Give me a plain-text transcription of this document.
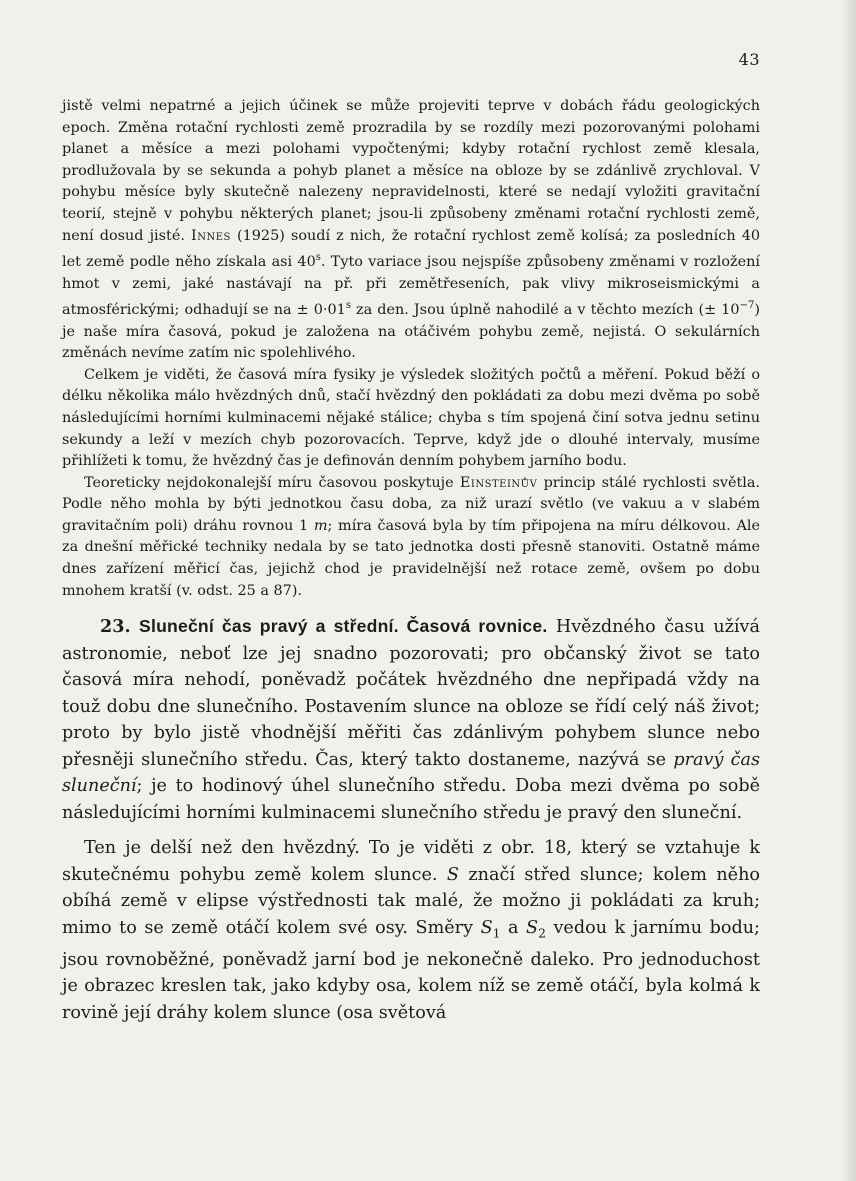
43

jistě velmi nepatrné a jejich účinek se může projeviti teprve v dobách řádu geologických epoch. Změna rotační rychlosti země prozradila by se rozdíly mezi pozorovanými polohami planet a měsíce a mezi polohami vypočtenými; kdyby rotační rychlost země klesala, prodlužovala by se sekunda a pohyb planet a měsíce na obloze by se zdánlivě zrychloval. V pohybu měsíce byly skutečně nalezeny nepravidelnosti, které se nedají vyložiti gravitační teorií, stejně v pohybu některých planet; jsou-li způsobeny změnami rotační rychlosti země, není dosud jisté. Innes (1925) soudí z nich, že rotační rychlost země kolísá; za posledních 40 let země podle něho získala asi 40$^s$. Tyto variace jsou nejspíše způsobeny změnami v rozložení hmot v zemi, jaké nastávají na př. při zemětřeseních, pak vlivy mikroseismickými a atmosférickými; odhadují se na ± $0\cdot 01^s$ za den. Jsou úplně nahodilé a v těchto mezích (± $10^{-7}$) je naše míra časová, pokud je založena na otáčivém pohybu země, nejistá. O sekulárních změnách nevíme zatím nic spolehlivého.

Celkem je viděti, že časová míra fysiky je výsledek složitých počtů a měření. Pokud běží o délku několika málo hvězdných dnů, stačí hvězdný den pokládati za dobu mezi dvěma po sobě následujícími horními kulminacemi nějaké stálice; chyba s tím spojená činí sotva jednu setinu sekundy a leží v mezích chyb pozorovacích. Teprve, když jde o dlouhé intervaly, musíme přihlížeti k tomu, že hvězdný čas je definován denním pohybem jarního bodu.

Teoreticky nejdokonalejší míru časovou poskytuje Einsteinův princip stálé rychlosti světla. Podle něho mohla by býti jednotkou času doba, za niž urazí světlo (ve vakuu a v slabém gravitačním poli) dráhu rovnou 1 m; míra časová byla by tím připojena na míru délkovou. Ale za dnešní měřické techniky nedala by se tato jednotka dosti přesně stanoviti. Ostatně máme dnes zařízení měřicí čas, jejichž chod je pravidelnější než rotace země, ovšem po dobu mnohem kratší (v. odst. 25 a 87).

23. Sluneční čas pravý a střední. Časová rovnice. Hvězdného času užívá astronomie, neboť lze jej snadno pozorovati; pro občanský život se tato časová míra nehodí, poněvadž počátek hvězdného dne nepřipadá vždy na touž dobu dne slunečního. Postavením slunce na obloze se řídí celý náš život; proto by bylo jistě vhodnější měřiti čas zdánlivým pohybem slunce nebo přesněji slunečního středu. Čas, který takto dostaneme, nazývá se pravý čas sluneční; je to hodinový úhel slunečního středu. Doba mezi dvěma po sobě následujícími horními kulminacemi slunečního středu je pravý den sluneční.

Ten je delší než den hvězdný. To je viděti z obr. 18, který se vztahuje k skutečnému pohybu země kolem slunce. S značí střed slunce; kolem něho obíhá země v elipse výstřednosti tak malé, že možno ji pokládati za kruh; mimo to se země otáčí kolem své osy. Směry $S_1$ a $S_2$ vedou k jarnímu bodu; jsou rovnoběžné, poněvadž jarní bod je nekonečně daleko. Pro jednoduchost je obrazec kreslen tak, jako kdyby osa, kolem níž se země otáčí, byla kolmá k rovině její dráhy kolem slunce (osa světová
